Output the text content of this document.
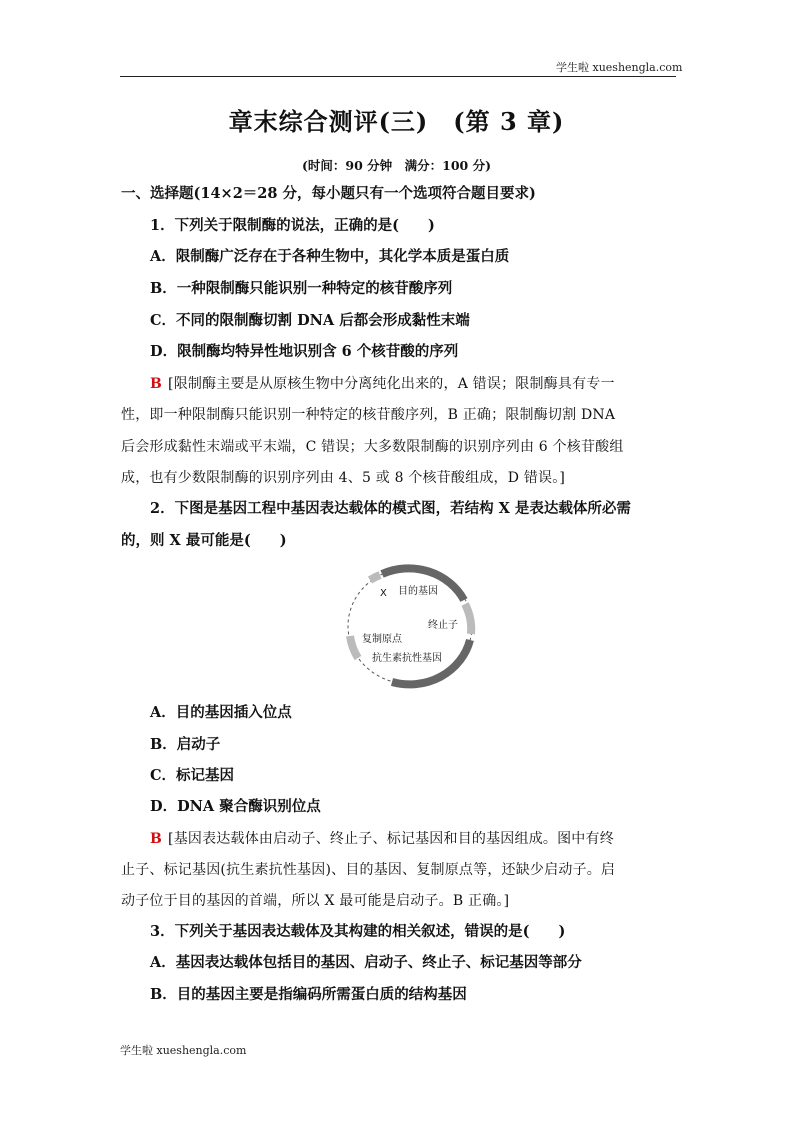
学生啦 xueshengla.com
章末综合测评(三)　(第 3 章)
(时间：90 分钟　满分：100 分)
一、选择题(14×2＝28 分，每小题只有一个选项符合题目要求)
1．下列关于限制酶的说法，正确的是(　　)
A．限制酶广泛存在于各种生物中，其化学本质是蛋白质
B．一种限制酶只能识别一种特定的核苷酸序列
C．不同的限制酶切割 DNA 后都会形成黏性末端
D．限制酶均特异性地识别含 6 个核苷酸的序列
B [限制酶主要是从原核生物中分离纯化出来的，A 错误；限制酶具有专一
性，即一种限制酶只能识别一种特定的核苷酸序列，B 正确；限制酶切割 DNA
后会形成黏性末端或平末端，C 错误；大多数限制酶的识别序列由 6 个核苷酸组
成，也有少数限制酶的识别序列由 4、5 或 8 个核苷酸组成，D 错误。]
2．下图是基因工程中基因表达载体的模式图，若结构 X 是表达载体所必需
的，则 X 最可能是(　　)
X 目的基因
终止子
复制原点
抗生素抗性基因
A．目的基因插入位点
B．启动子
C．标记基因
D．DNA 聚合酶识别位点
B [基因表达载体由启动子、终止子、标记基因和目的基因组成。图中有终
止子、标记基因(抗生素抗性基因)、目的基因、复制原点等，还缺少启动子。启
动子位于目的基因的首端，所以 X 最可能是启动子。B 正确。]
3．下列关于基因表达载体及其构建的相关叙述，错误的是(　　)
A．基因表达载体包括目的基因、启动子、终止子、标记基因等部分
B．目的基因主要是指编码所需蛋白质的结构基因
学生啦 xueshengla.com
